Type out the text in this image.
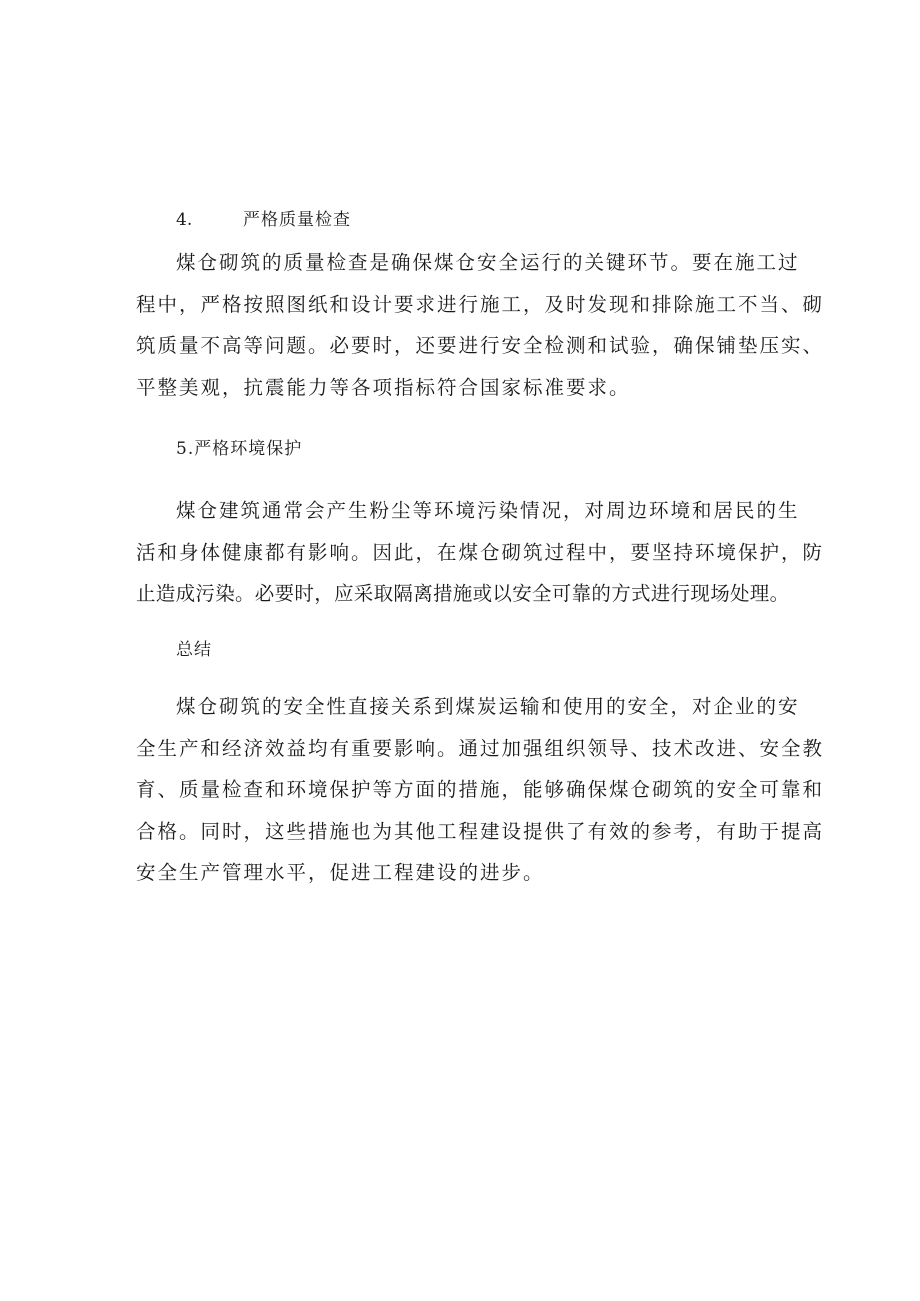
4.	严格质量检查
煤仓砌筑的质量检查是确保煤仓安全运行的关键环节。要在施工过
程中，严格按照图纸和设计要求进行施工，及时发现和排除施工不当、砌
筑质量不高等问题。必要时，还要进行安全检测和试验，确保铺垫压实、
平整美观，抗震能力等各项指标符合国家标准要求。
5.严格环境保护
煤仓建筑通常会产生粉尘等环境污染情况，对周边环境和居民的生
活和身体健康都有影响。因此，在煤仓砌筑过程中，要坚持环境保护，防
止造成污染。必要时，应采取隔离措施或以安全可靠的方式进行现场处理。
总结
煤仓砌筑的安全性直接关系到煤炭运输和使用的安全，对企业的安
全生产和经济效益均有重要影响。通过加强组织领导、技术改进、安全教
育、质量检查和环境保护等方面的措施，能够确保煤仓砌筑的安全可靠和
合格。同时，这些措施也为其他工程建设提供了有效的参考，有助于提高
安全生产管理水平，促进工程建设的进步。
